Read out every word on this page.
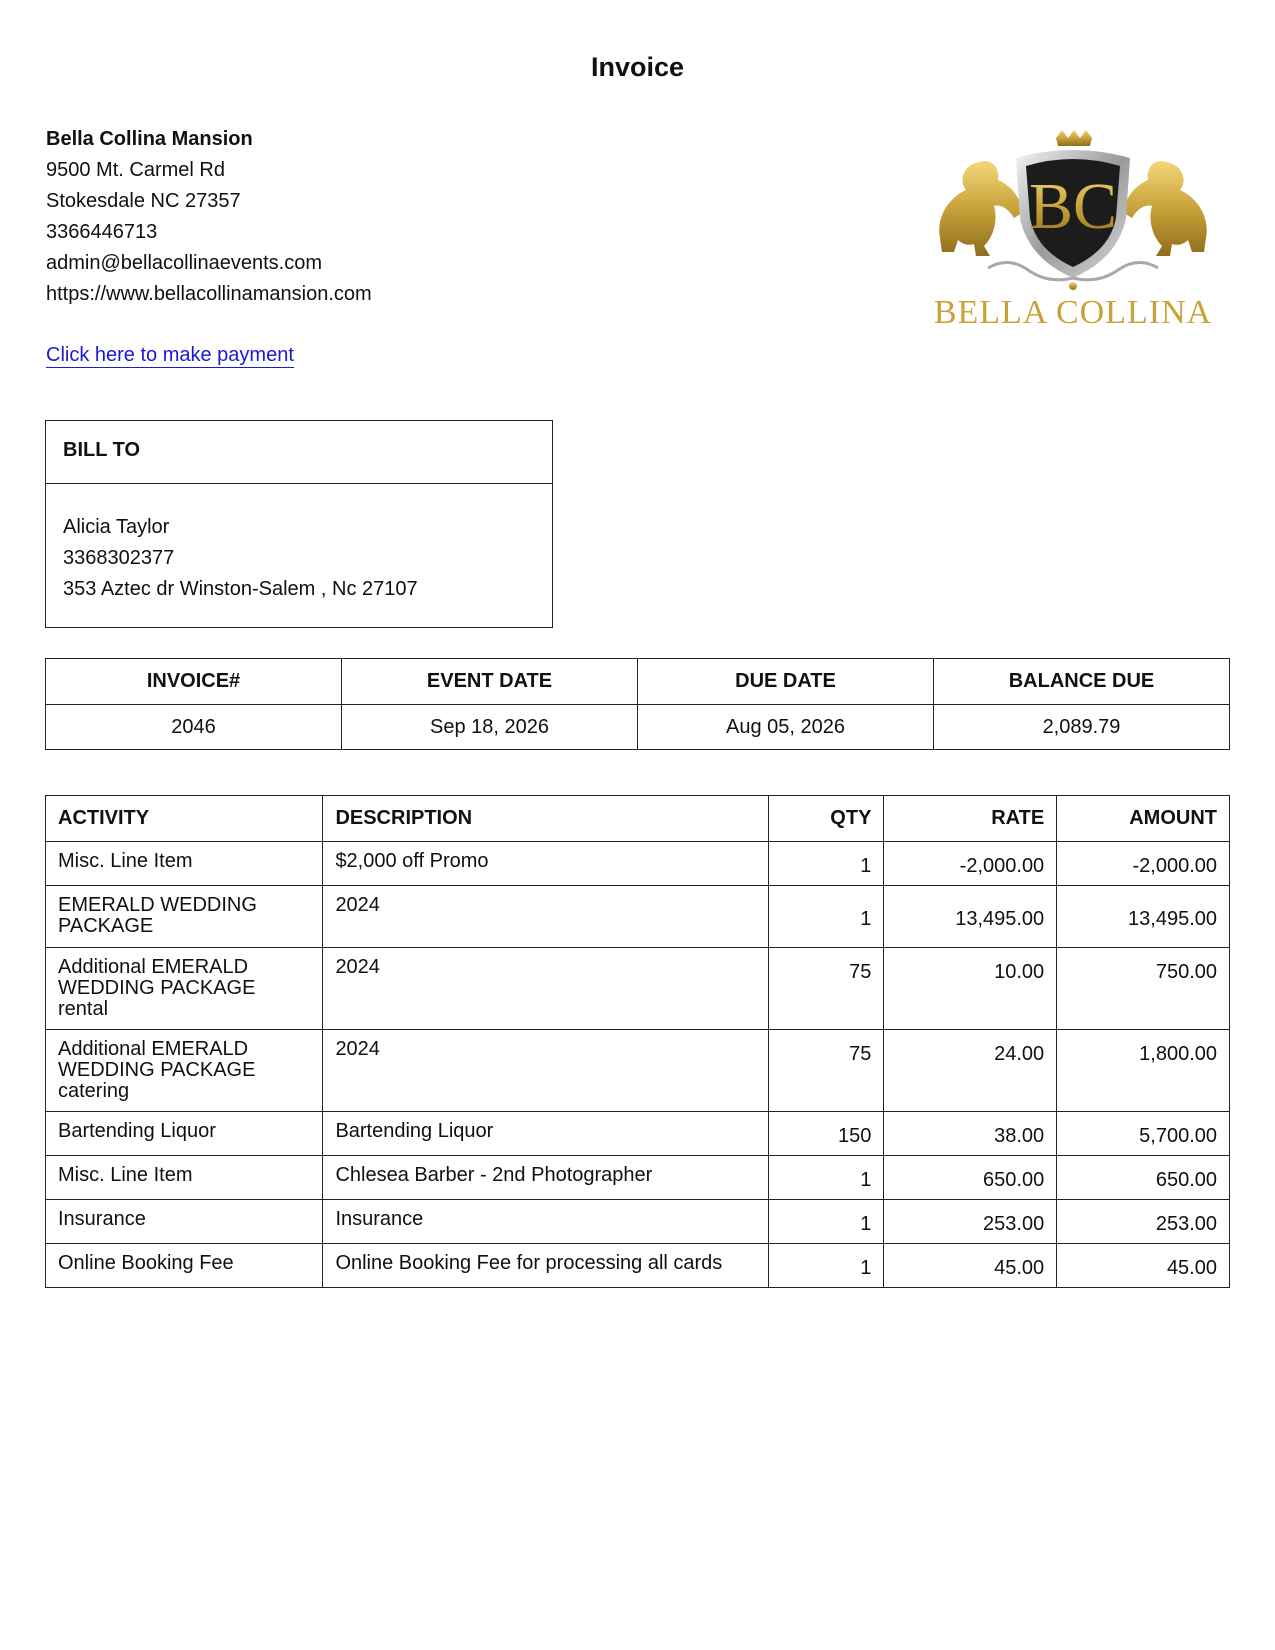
Invoice
Bella Collina Mansion
9500 Mt. Carmel Rd
Stokesdale NC 27357
3366446713
admin@bellacollinaevents.com
https://www.bellacollinamansion.com
Click here to make payment
BC
BELLA COLLINA
BILL TO
Alicia Taylor
3368302377
353 Aztec dr Winston-Salem , Nc 27107
INVOICE#	EVENT DATE	DUE DATE	BALANCE DUE
2046	Sep 18, 2026	Aug 05, 2026	2,089.79
ACTIVITY	DESCRIPTION	QTY	RATE	AMOUNT
Misc. Line Item	$2,000 off Promo	1	-2,000.00	-2,000.00
EMERALD WEDDING PACKAGE	2024	1	13,495.00	13,495.00
Additional EMERALD WEDDING PACKAGE rental	2024	75	10.00	750.00
Additional EMERALD WEDDING PACKAGE catering	2024	75	24.00	1,800.00
Bartending Liquor	Bartending Liquor	150	38.00	5,700.00
Misc. Line Item	Chlesea Barber - 2nd Photographer	1	650.00	650.00
Insurance	Insurance	1	253.00	253.00
Online Booking Fee	Online Booking Fee for processing all cards	1	45.00	45.00
